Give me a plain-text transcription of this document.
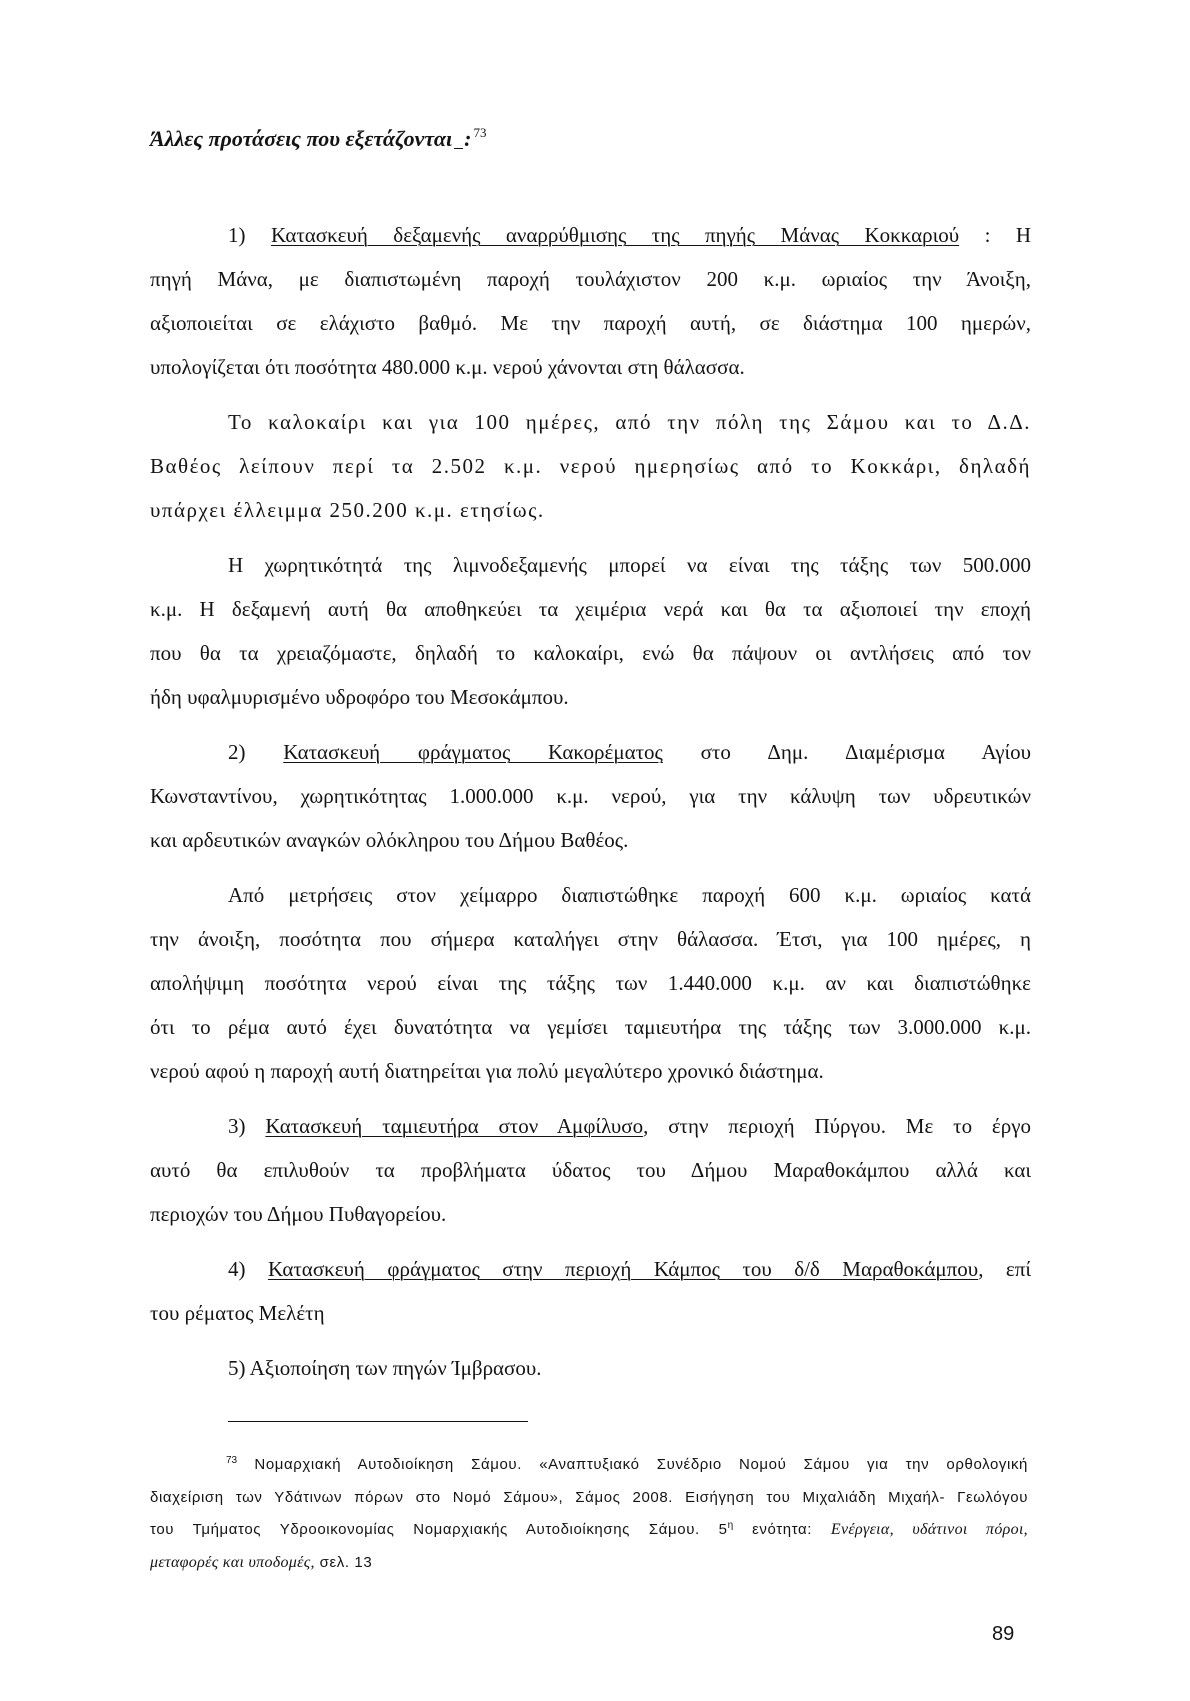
Άλλες προτάσεις που εξετάζονται : $^{73}$
1) Κατασκευή δεξαμενής αναρρύθμισης της πηγής Μάνας Κοκκαριού : Η
πηγή Μάνα, με διαπιστωμένη παροχή τουλάχιστον 200 κ.μ. ωριαίος την Άνοιξη,
αξιοποιείται σε ελάχιστο βαθμό. Με την παροχή αυτή, σε διάστημα 100 ημερών,
υπολογίζεται ότι ποσότητα 480.000 κ.μ. νερού χάνονται στη θάλασσα.
Το καλοκαίρι και για 100 ημέρες, από την πόλη της Σάμου και το Δ.Δ.
Βαθέος λείπουν περί τα 2.502 κ.μ. νερού ημερησίως από το Κοκκάρι, δηλαδή
υπάρχει έλλειμμα 250.200 κ.μ. ετησίως.
Η χωρητικότητά της λιμνοδεξαμενής μπορεί να είναι της τάξης των 500.000
κ.μ. Η δεξαμενή αυτή θα αποθηκεύει τα χειμέρια νερά και θα τα αξιοποιεί την εποχή
που θα τα χρειαζόμαστε, δηλαδή το καλοκαίρι, ενώ θα πάψουν οι αντλήσεις από τον
ήδη υφαλμυρισμένο υδροφόρο του Μεσοκάμπου.
2) Κατασκευή φράγματος Κακορέματος στο Δημ. Διαμέρισμα Αγίου
Κωνσταντίνου, χωρητικότητας 1.000.000 κ.μ. νερού, για την κάλυψη των υδρευτικών
και αρδευτικών αναγκών ολόκληρου του Δήμου Βαθέος.
Από μετρήσεις στον χείμαρρο διαπιστώθηκε παροχή 600 κ.μ. ωριαίος κατά
την άνοιξη, ποσότητα που σήμερα καταλήγει στην θάλασσα. Έτσι, για 100 ημέρες, η
απολήψιμη ποσότητα νερού είναι της τάξης των 1.440.000 κ.μ. αν και διαπιστώθηκε
ότι το ρέμα αυτό έχει δυνατότητα να γεμίσει ταμιευτήρα της τάξης των 3.000.000 κ.μ.
νερού αφού η παροχή αυτή διατηρείται για πολύ μεγαλύτερο χρονικό διάστημα.
3) Κατασκευή ταμιευτήρα στον Αμφίλυσο, στην περιοχή Πύργου. Με το έργο
αυτό θα επιλυθούν τα προβλήματα ύδατος του Δήμου Μαραθοκάμπου αλλά και
περιοχών του Δήμου Πυθαγορείου.
4) Κατασκευή φράγματος στην περιοχή Κάμπος του δ/δ Μαραθοκάμπου, επί
του ρέματος Μελέτη
5) Αξιοποίηση των πηγών Ίμβρασου.
$^{73}$ Νομαρχιακή Αυτοδιοίκηση Σάμου. «Αναπτυξιακό Συνέδριο Νομού Σάμου για την ορθολογική
διαχείριση των Υδάτινων πόρων στο Νομό Σάμου», Σάμος 2008. Εισήγηση του Μιχαλιάδη Μιχαήλ- Γεωλόγου
του Τμήματος Υδροοικονομίας Νομαρχιακής Αυτοδιοίκησης Σάμου. $5^\eta$ ενότητα: Ενέργεια, υδάτινοι πόροι,
μεταφορές και υποδομές, σελ. 13
89
